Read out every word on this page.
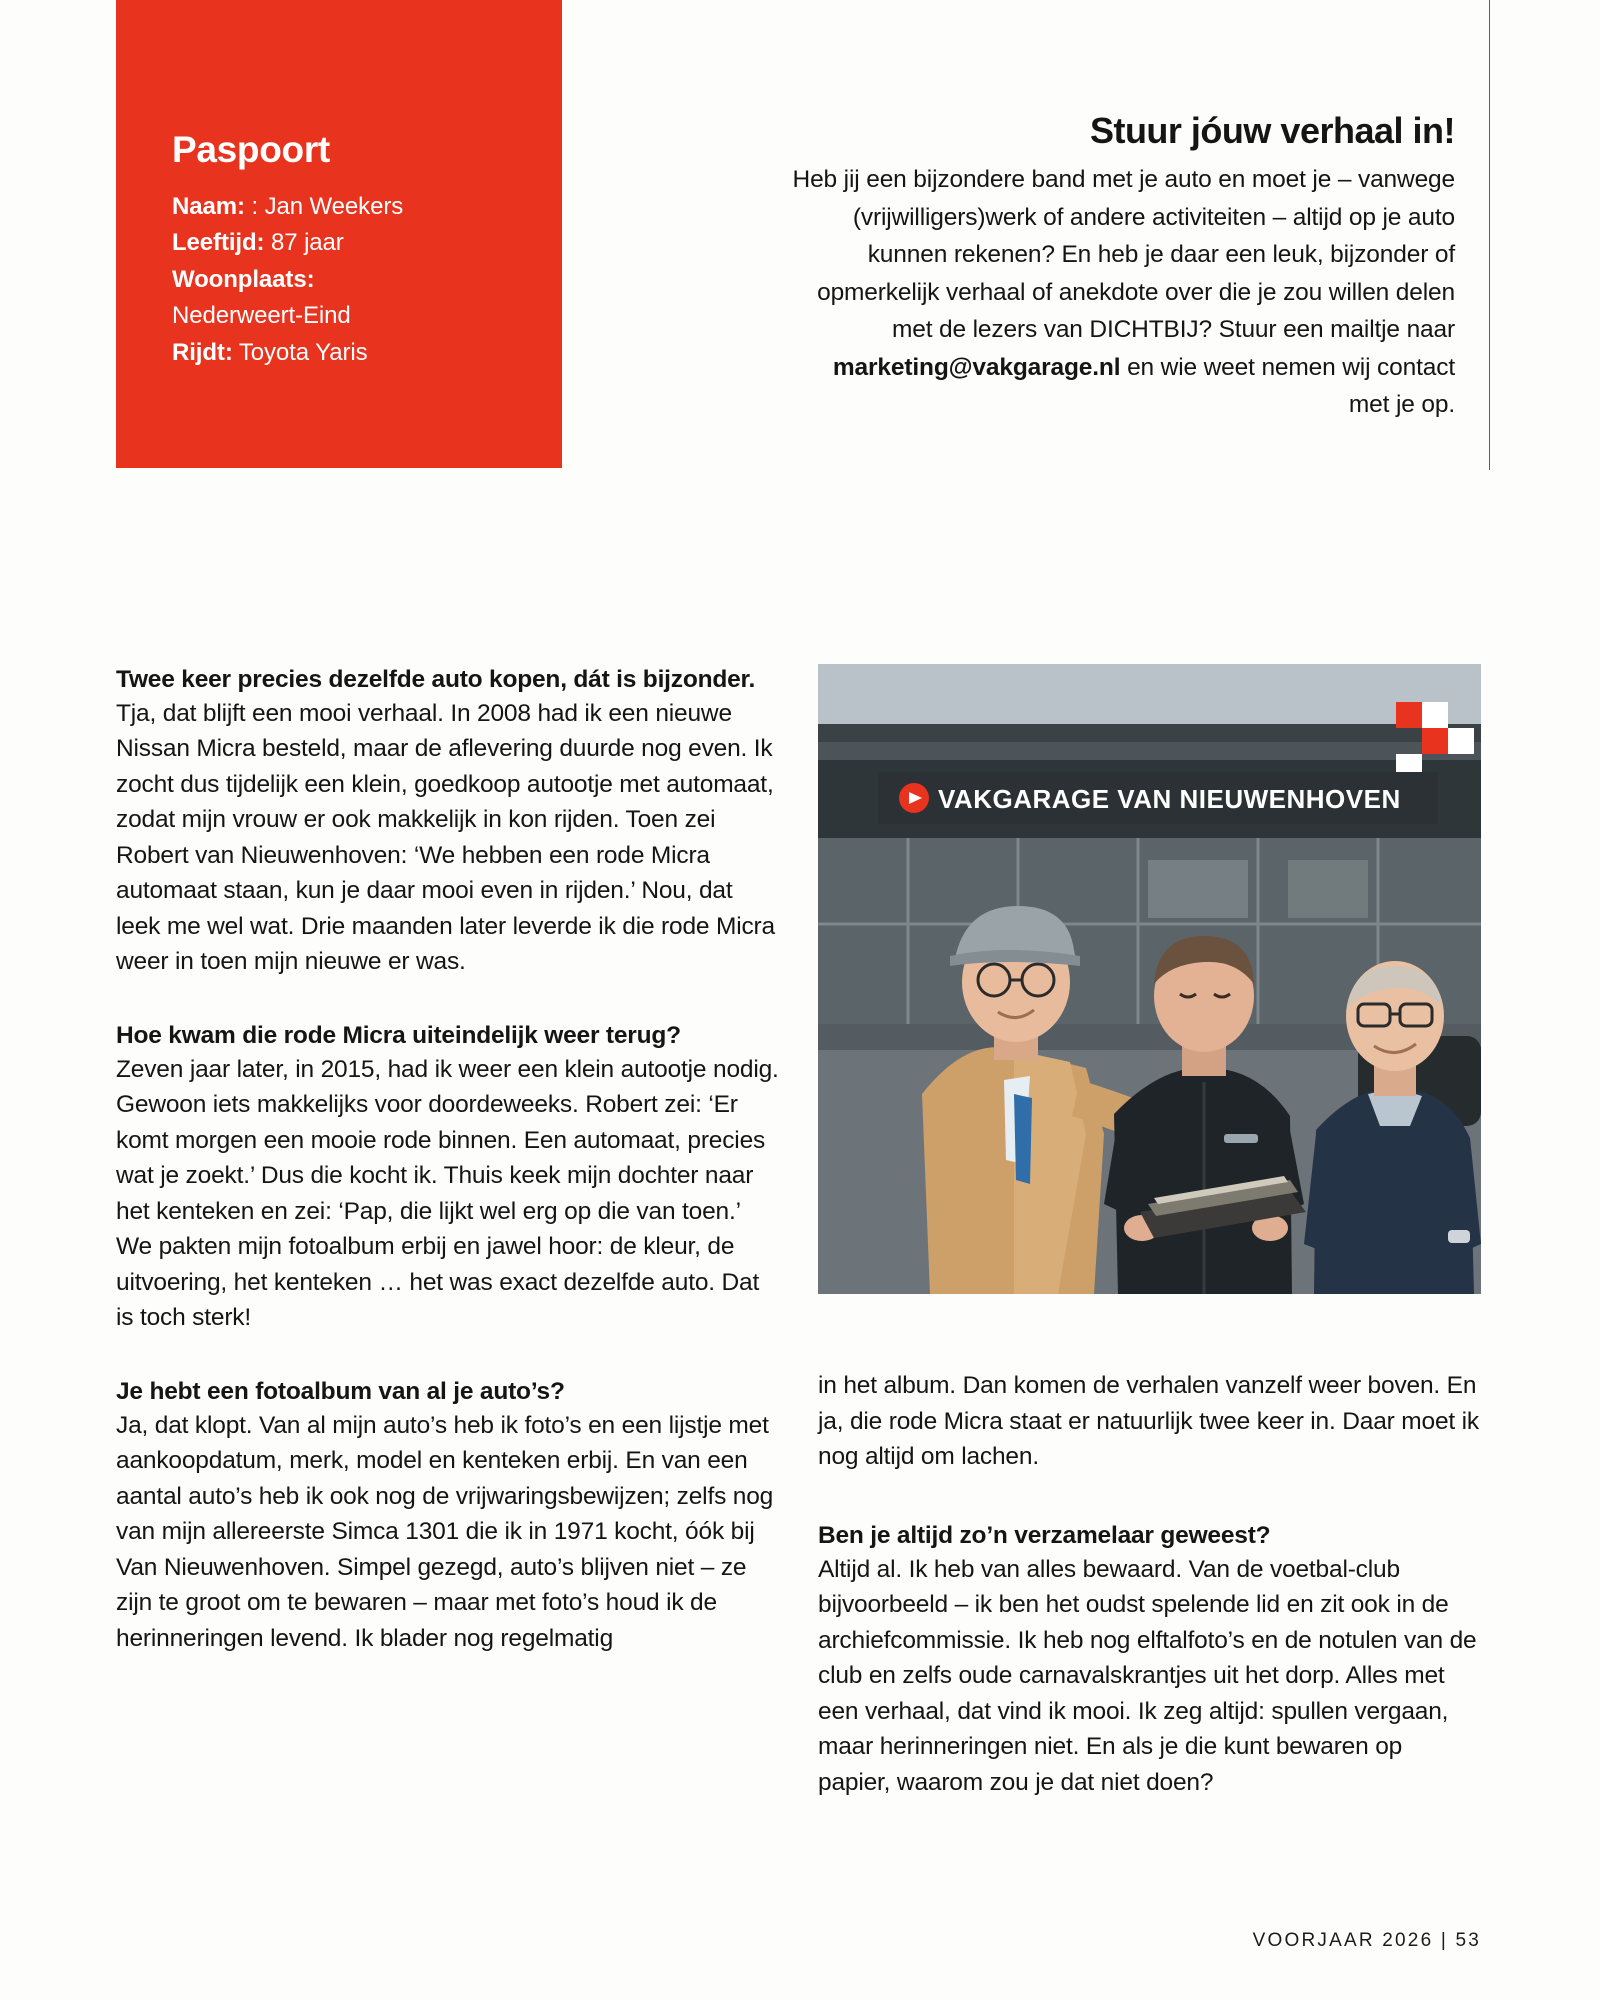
Paspoort
Naam: : Jan Weekers
Leeftijd: 87 jaar
Woonplaats:
Nederweert-Eind
Rijdt: Toyota Yaris
Stuur jóuw verhaal in!

Heb jij een bijzondere band met je auto en moet je – vanwege (vrijwilligers)werk of andere activiteiten – altijd op je auto kunnen rekenen? En heb je daar een leuk, bijzonder of opmerkelijk verhaal of anekdote over die je zou willen delen met de lezers van DICHTBIJ? Stuur een mailtje naar marketing@vakgarage.nl en wie weet nemen wij contact met je op.

Twee keer precies dezelfde auto kopen, dát is bijzonder.

Tja, dat blijft een mooi verhaal. In 2008 had ik een nieuwe Nissan Micra besteld, maar de aflevering duurde nog even. Ik zocht dus tijdelijk een klein, goedkoop autootje met automaat, zodat mijn vrouw er ook makkelijk in kon rijden. Toen zei Robert van Nieuwenhoven: ‘We hebben een rode Micra automaat staan, kun je daar mooi even in rijden.’ Nou, dat leek me wel wat. Drie maanden later leverde ik die rode Micra weer in toen mijn nieuwe er was.

Hoe kwam die rode Micra uiteindelijk weer terug?

Zeven jaar later, in 2015, had ik weer een klein autootje nodig. Gewoon iets makkelijks voor doordeweeks. Robert zei: ‘Er komt morgen een mooie rode binnen. Een automaat, precies wat je zoekt.’ Dus die kocht ik. Thuis keek mijn dochter naar het kenteken en zei: ‘Pap, die lijkt wel erg op die van toen.’ We pakten mijn fotoalbum erbij en jawel hoor: de kleur, de uitvoering, het kenteken … het was exact dezelfde auto. Dat is toch sterk!

Je hebt een fotoalbum van al je auto’s?

Ja, dat klopt. Van al mijn auto’s heb ik foto’s en een lijstje met aankoopdatum, merk, model en kenteken erbij. En van een aantal auto’s heb ik ook nog de vrijwaringsbewijzen; zelfs nog van mijn allereerste Simca 1301 die ik in 1971 kocht, óók bij Van Nieuwenhoven. Simpel gezegd, auto’s blijven niet – ze zijn te groot om te bewaren – maar met foto’s houd ik de herinneringen levend. Ik blader nog regelmatig

VAKGARAGE VAN NIEUWENHOVEN

in het album. Dan komen de verhalen vanzelf weer boven. En ja, die rode Micra staat er natuurlijk twee keer in. Daar moet ik nog altijd om lachen.

Ben je altijd zo’n verzamelaar geweest?

Altijd al. Ik heb van alles bewaard. Van de voetbal-club bijvoorbeeld – ik ben het oudst spelende lid en zit ook in de archiefcommissie. Ik heb nog elftalfoto’s en de notulen van de club en zelfs oude carnavalskrantjes uit het dorp. Alles met een verhaal, dat vind ik mooi. Ik zeg altijd: spullen vergaan, maar herinneringen niet. En als je die kunt bewaren op papier, waarom zou je dat niet doen?

VOORJAAR 2026 | 53
